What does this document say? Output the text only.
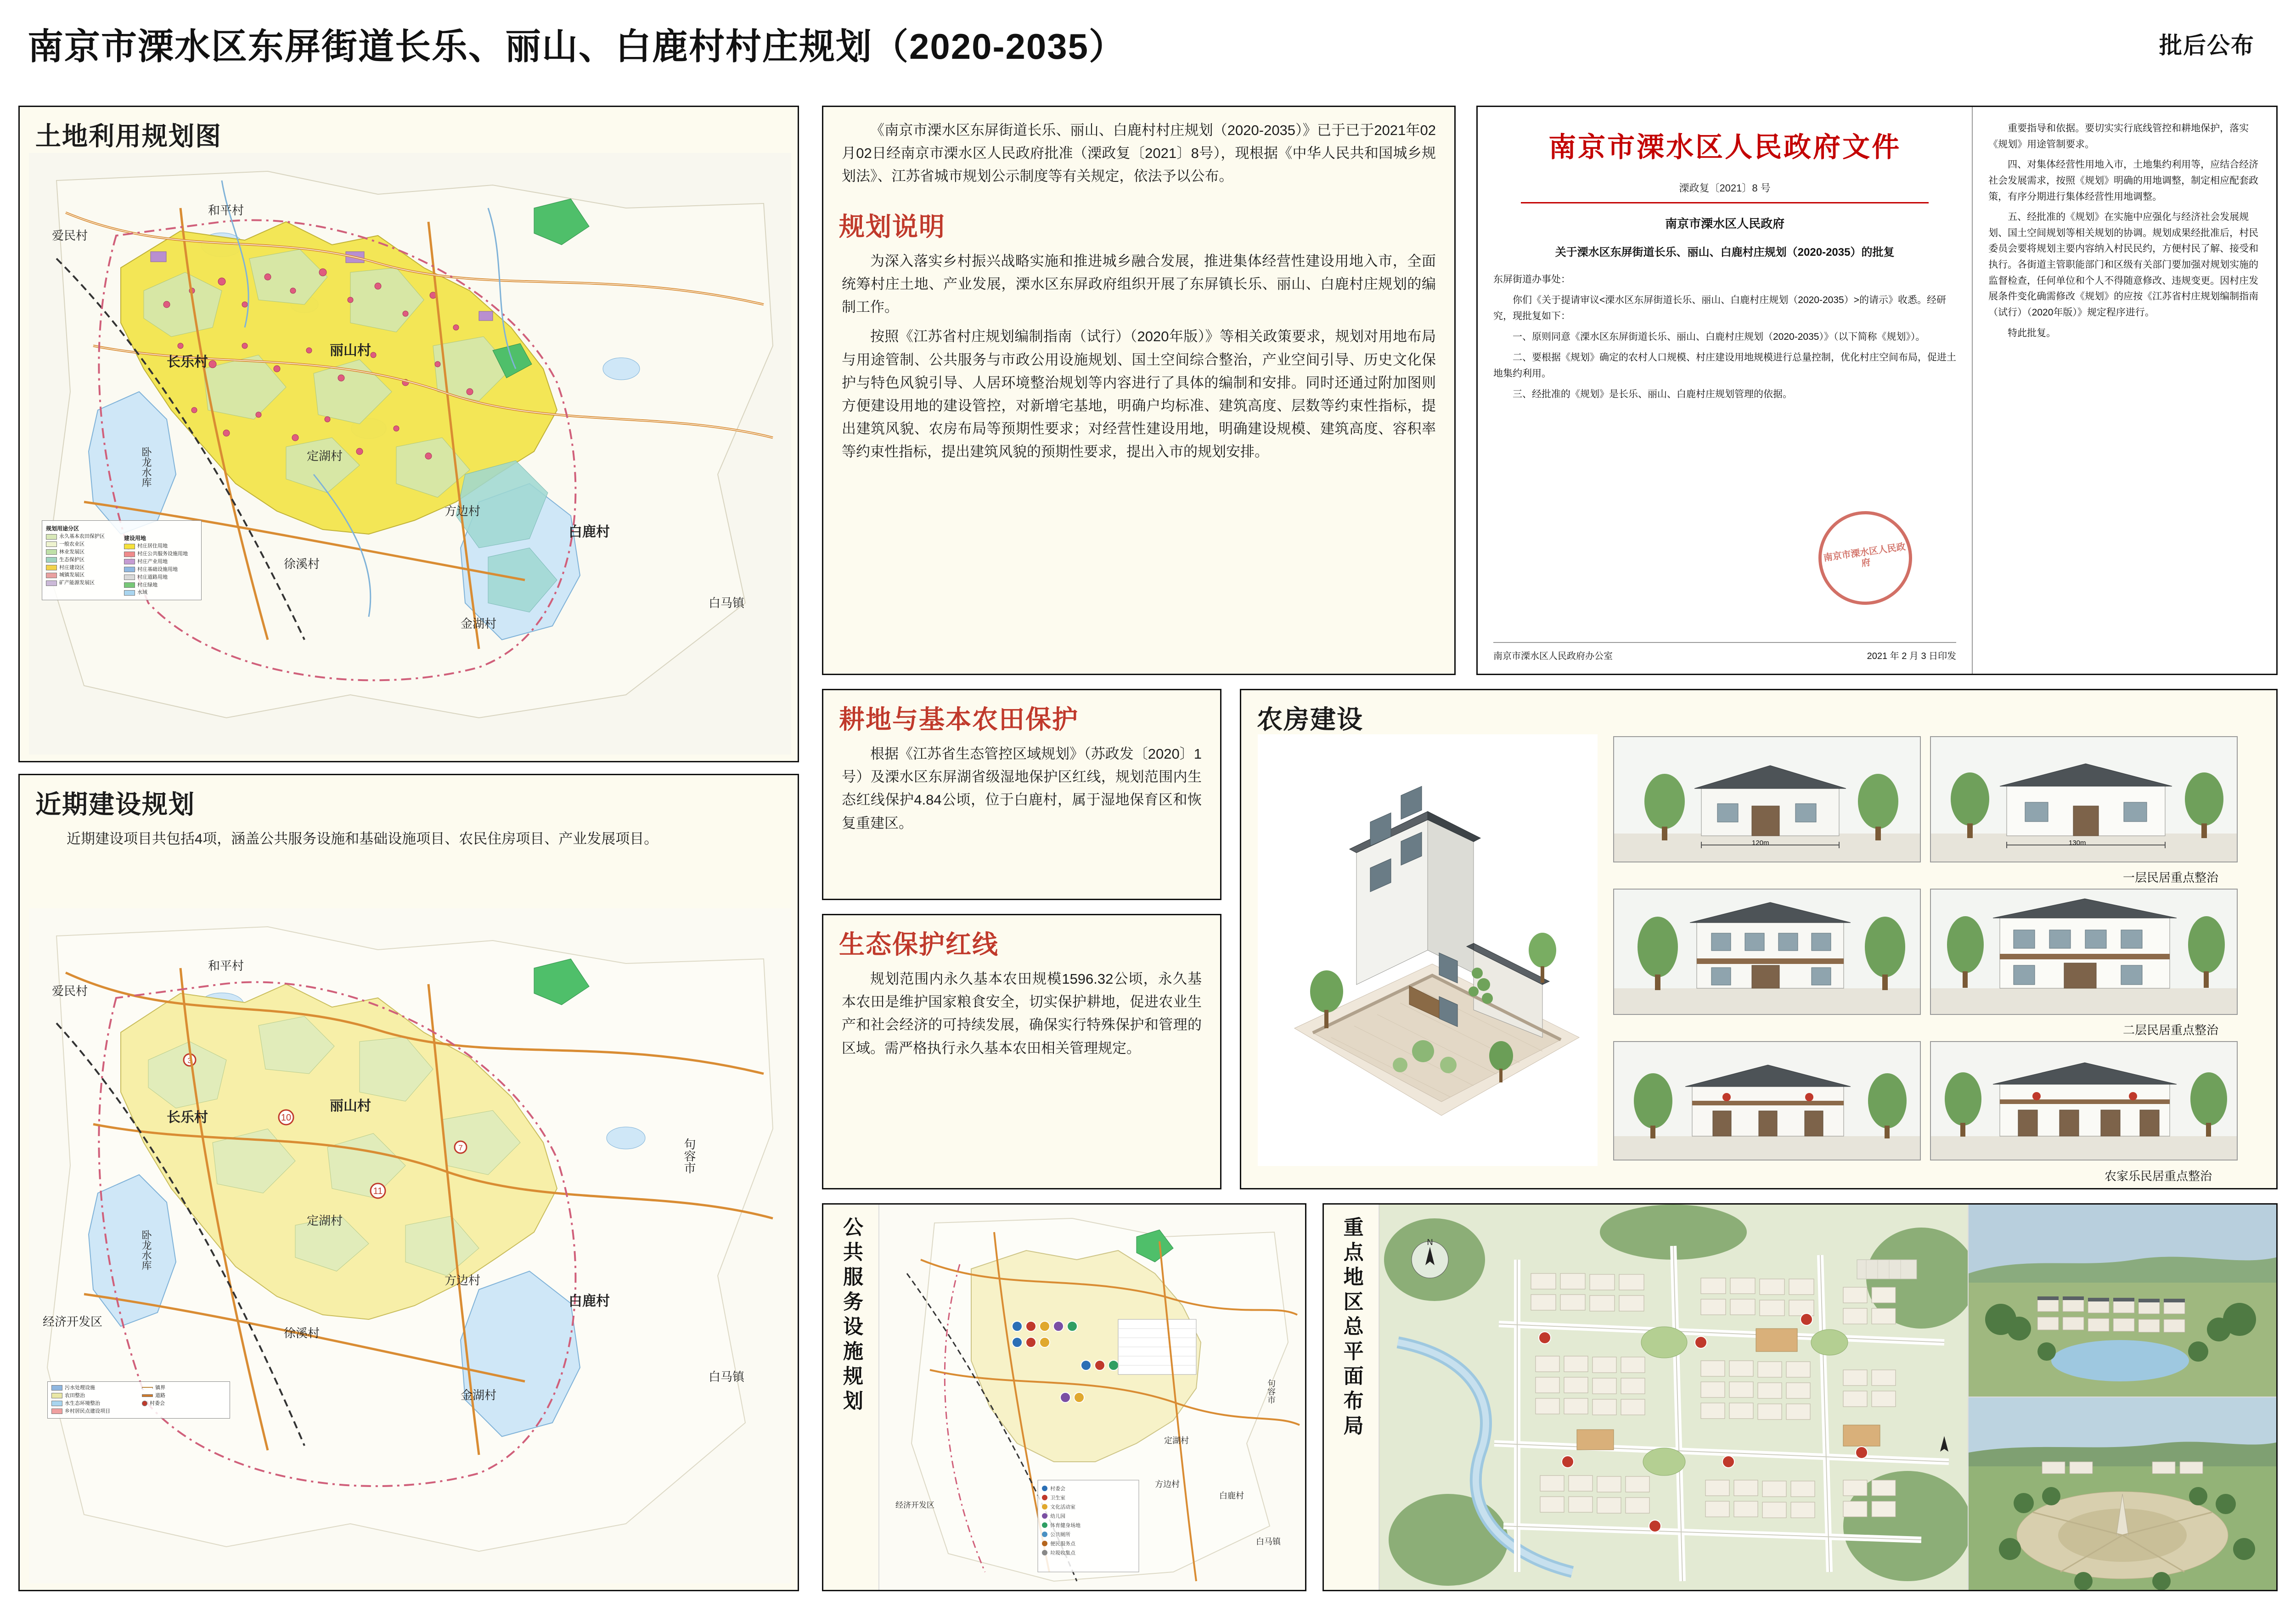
南京市溧水区东屏街道长乐、丽山、白鹿村村庄规划（2020-2035）	批后公布
土地利用规划图
爱民村
和平村
长乐村
丽山村
定湖村
方边村
白鹿村
徐溪村
金湖村
白马镇
卧龙水库
规划用途分区
永久基本农田保护区
一般农业区
林业发展区
生态保护区
村庄建设区
城镇发展区
矿产能源发展区
建设用地
村庄居住用地
村庄公共服务设施用地
村庄产业用地
村庄基础设施用地
村庄道路用地
村庄绿地
水域
近期建设规划

近期建设项目共包括4项，涵盖公共服务设施和基础设施项目、农民住房项目、产业发展项目。

10
11
3
7
爱民村
和平村
长乐村
丽山村
定湖村
方边村
白鹿村
徐溪村
金湖村
白马镇
句容市
经济开发区
卧龙水库
污水处理设施
农田整治
水生态环境整治
乡村居民点建设项目
镇界
道路
村委会

《南京市溧水区东屏街道长乐、丽山、白鹿村村庄规划（2020-2035）》已于已于2021年02月02日经南京市溧水区人民政府批准（溧政复〔2021〕8号），现根据《中华人民共和国城乡规划法》、江苏省城市规划公示制度等有关规定，依法予以公布。

规划说明

为深入落实乡村振兴战略实施和推进城乡融合发展，推进集体经营性建设用地入市，全面统筹村庄土地、产业发展，溧水区东屏政府组织开展了东屏镇长乐、丽山、白鹿村庄规划的编制工作。

按照《江苏省村庄规划编制指南（试行）（2020年版）》等相关政策要求，规划对用地布局与用途管制、公共服务与市政公用设施规划、国土空间综合整治，产业空间引导、历史文化保护与特色风貌引导、人居环境整治规划等内容进行了具体的编制和安排。同时还通过附加图则方便建设用地的建设管控，对新增宅基地，明确户均标准、建筑高度、层数等约束性指标，提出建筑风貌、农房布局等预期性要求；对经营性建设用地，明确建设规模、建筑高度、容积率等约束性指标，提出建筑风貌的预期性要求，提出入市的规划安排。

耕地与基本农田保护

根据《江苏省生态管控区域规划》（苏政发〔2020〕1号）及溧水区东屏湖省级湿地保护区红线，规划范围内生态红线保护4.84公顷，位于白鹿村，属于湿地保育区和恢复重建区。

生态保护红线

规划范围内永久基本农田规模1596.32公顷，永久基本农田是维护国家粮食安全，切实保护耕地，促进农业生产和社会经济的可持续发展，确保实行特殊保护和管理的区域。需严格执行永久基本农田相关管理规定。

公共服务设施规划
村委会
卫生室
文化活动室
幼儿园
体育健身场地
公共厕所
便民服务点
垃圾收集点
定湖村
方边村
白鹿村
白马镇
经济开发区
句容市
南京市溧水区人民政府文件
溧政复〔2021〕8 号
南京市溧水区人民政府
关于溧水区东屏街道长乐、丽山、白鹿村庄规划（2020-2035）的批复

东屏街道办事处：

你们《关于提请审议<溧水区东屏街道长乐、丽山、白鹿村庄规划（2020-2035）>的请示》收悉。经研究，现批复如下：

一、原则同意《溧水区东屏街道长乐、丽山、白鹿村庄规划（2020-2035）》（以下简称《规划》）。

二、要根据《规划》确定的农村人口规模、村庄建设用地规模进行总量控制，优化村庄空间布局，促进土地集约利用。

三、经批准的《规划》是长乐、丽山、白鹿村庄规划管理的依据。

南京市溧水区人民政府
南京市溧水区人民政府办公室	2021 年 2 月 3 日印发

重要指导和依据。要切实实行底线管控和耕地保护，落实《规划》用途管制要求。

四、对集体经营性用地入市，土地集约利用等，应结合经济社会发展需求，按照《规划》明确的用地调整，制定相应配套政策，有序分期进行集体经营性用地调整。

五、经批准的《规划》在实施中应强化与经济社会发展规划、国土空间规划等相关规划的协调。规划成果经批准后，村民委员会要将规划主要内容纳入村民民约，方便村民了解、接受和执行。各街道主管职能部门和区级有关部门要加强对规划实施的监督检查，任何单位和个人不得随意修改、违规变更。因村庄发展条件变化确需修改《规划》的应按《江苏省村庄规划编制指南（试行）（2020年版）》规定程序进行。

特此批复。

农房建设
120m	130m
一层民居重点整治
二层民居重点整治
农家乐民居重点整治
重点地区总平面布局	N
